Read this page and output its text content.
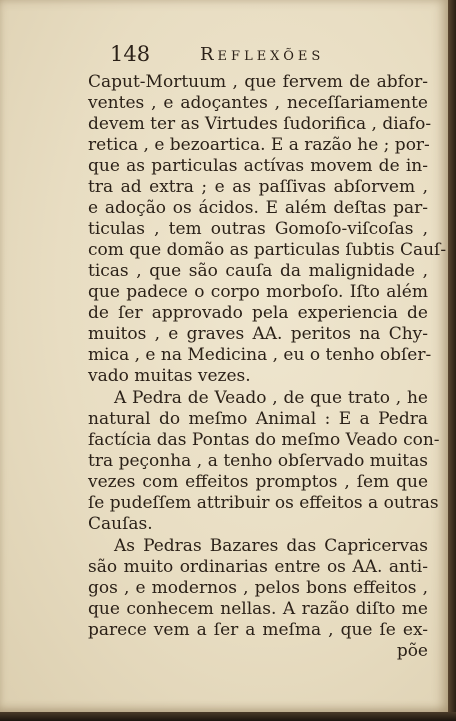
148	Reflexões
Caput-Mortuum , que fervem de abfor-
ventes , e adoçantes , neceſſariamente
devem ter as Virtudes ſudorifica , diafo-
retica , e bezoartica. E a razão he ; por-
que as particulas actívas movem de in-
tra ad extra ; e as paſſivas abſorvem ,
e adoção os ácidos. E além deſtas par-
ticulas , tem outras Gomoſo-viſcoſas ,
com que domão as particulas ſubtis Cauſ-
ticas , que são cauſa da malignidade ,
que padece o corpo morboſo. Iſto além
de ſer approvado pela experiencia de
muitos , e graves AA. peritos na Chy-
mica , e na Medicina , eu o tenho obſer-
vado muitas vezes.
A Pedra de Veado , de que trato , he
natural do meſmo Animal : E a Pedra
factícia das Pontas do meſmo Veado con-
tra peçonha , a tenho obſervado muitas
vezes com effeitos promptos , ſem que
ſe pudeſſem attribuir os effeitos a outras
Cauſas.
As Pedras Bazares das Capricervas
são muito ordinarias entre os AA. anti-
gos , e modernos , pelos bons effeitos ,
que conhecem nellas. A razão diſto me
parece vem a ſer a meſma , que ſe ex-
põe
